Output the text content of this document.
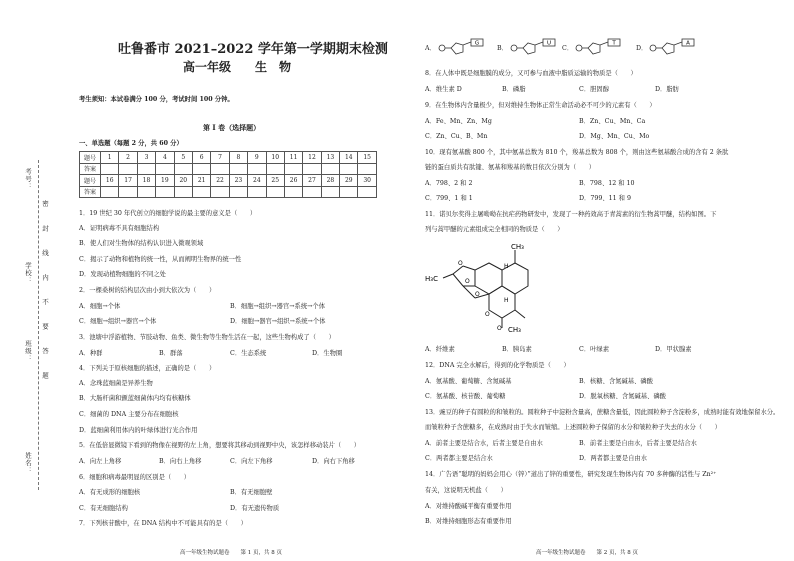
考号：
学校：
班级：
姓名：
密 封 线 内 不 要 答 题
吐鲁番市 2021–2022 学年第一学期期末检测
高一年级　　生　物
考生须知：本试卷满分 100 分，考试时间 100 分钟。
第 I 卷（选择题）
一、单选题（每题 2 分，共 60 分）
题号	1	2	3	4	5	6	7	8	9	10	11	12	13	14	15
答案															
题号	16	17	18	19	20	21	22	23	24	25	26	27	28	29	30
答案															
1．19 世纪 30 年代创立的细胞学说的最主要的意义是（　　）
A．证明病毒不具有细胞结构
B．使人们对生物体的结构认识进入微观领域
C．揭示了动物和植物的统一性，从而阐明生物界的统一性
D．发现动植物细胞的不同之处
2．一棵桑树的结构层次由小到大依次为（　　）
A．细胞→个体	B．细胞→组织→器官→系统→个体
C．细胞→组织→器官→个体	D．细胞→器官→组织→系统→个体
3．池塘中浮游植物、节肢动物、鱼类、微生物等生物生活在一起，这些生物构成了（　　）
A．种群	B．群落	C．生态系统	D．生物圈
4．下列关于原核细胞的描述，正确的是（　　）
A．念珠蓝细菌是异养生物
B．大肠杆菌和颤蓝细菌体内均有核糖体
C．细菌的 DNA 主要分布在细胞核
D．蓝细菌利用体内的叶绿体进行光合作用
5．在低倍显微镜下看到的物像在视野的左上角，想要将其移动到视野中央，该怎样移动装片（　　）
A．向左上角移	B．向右上角移	C．向左下角移	D．向右下角移
6．细胞和病毒最明显的区别是（　　）
A．有无成形的细胞核	B．有无细胞壁
C．有无细胞结构	D．有无遗传物质
7．下列核苷酸中，在 DNA 结构中不可能具有的是（　　）
A．
G
B．
U
C．
T
D．
A
8．在人体中既是细胞膜的成分，又可参与血液中脂质运输的物质是（　　）
A．维生素 D	B．磷脂	C．胆固醇	D．脂肪
9．在生物体内含量极少，但对维持生物体正常生命活动必不可少的元素有（　　）
A．Fe、Mn、Zn、Mg	B．Zn、Cu、Mn、Ca
C．Zn、Cu、B、Mn	D．Mg、Mn、Cu、Mo
10．现有氨基酸 800 个，其中氨基总数为 810 个，羧基总数为 808 个，则由这些氨基酸合成的含有 2 条肽
链的蛋白质共有肽键、氨基和羧基的数目依次分别为（　　）
A．798、2 和 2	B．798、12 和 10
C．799、1 和 1	D．799、11 和 9
11．诺贝尔奖得主屠呦呦在抗疟药物研发中，发现了一种药效高于青蒿素的衍生物蒿甲醚，结构如图。下
列与蒿甲醚的元素组成完全相同的物质是（　　）
CH₃
H₃C
H
H
O
O
O
O
O CH₃
A．纤维素	B．胰岛素	C．叶绿素	D．甲状腺素
12．DNA 完全水解后，得到的化学物质是（　　）
A．氨基酸、葡萄糖、含氮碱基	B．核糖、含氮碱基、磷酸
C．氨基酸、核苷酸、葡萄糖	D．脱氧核糖、含氮碱基、磷酸
13．豌豆的种子有圆粒的和皱粒的。圆粒种子中淀粉含量高，蔗糖含量低，因此圆粒种子含淀粉多，成熟时能有效地保留水分。
而皱粒种子含蔗糖多，在成熟时由于失水而皱缩。上述圆粒种子保留的水分和皱粒种子失去的水分（　　）
A．前者主要是结合水，后者主要是自由水	B．前者主要是自由水，后者主要是结合水
C．两者都主要是结合水	D．两者都主要是自由水
14．广告语“聪明的妈妈会用心（锌）”道出了锌的重要性，研究发现生物体内有 70 多种酶的活性与 Zn²⁺
有关，这说明无机盐（　　）
A．对维持酸碱平衡有重要作用
B．对维持细胞形态有重要作用
高一年级生物试题卷　　第 1 页，共 8 页	高一年级生物试题卷　　第 2 页，共 8 页
